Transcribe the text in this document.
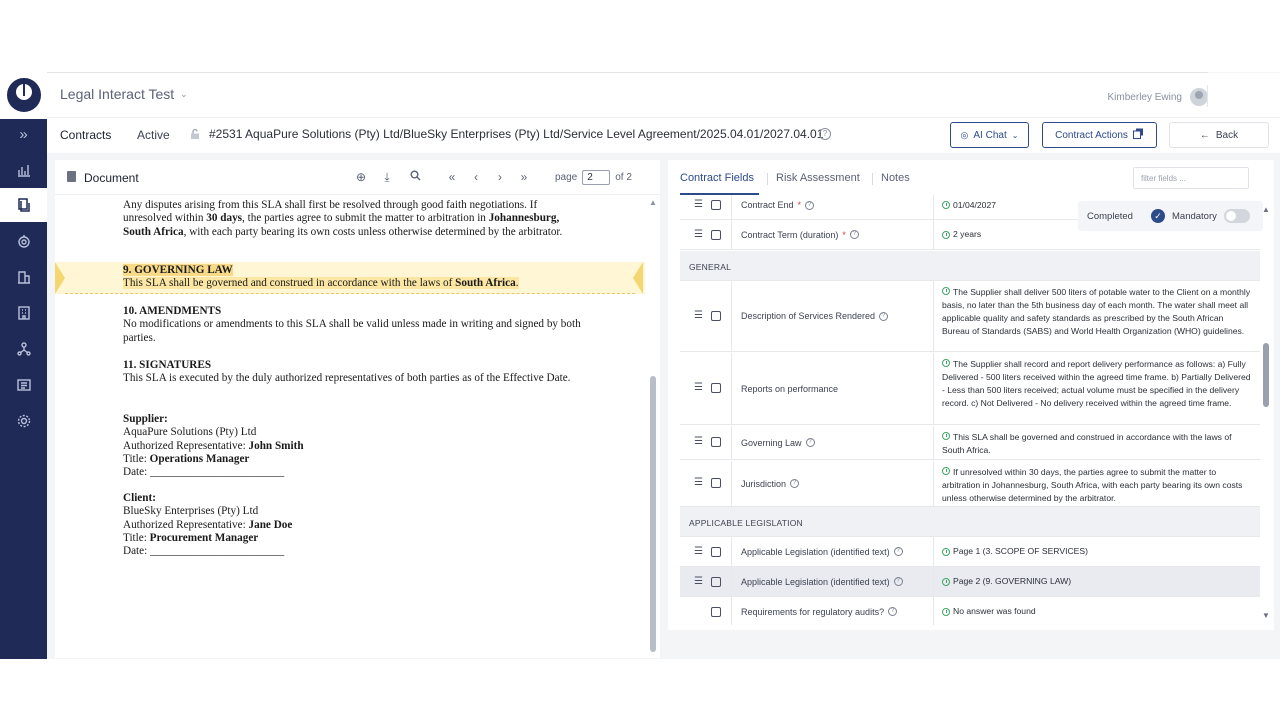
»
Legal Interact Test ⌄	Kimberley Ewing
Contracts Active	#2531 AquaPure Solutions (Pty) Ltd/BlueSky Enterprises (Pty) Ltd/Service Level Agreement/2025.04.01/2027.04.01 ?	◎ AI Chat ⌄	Contract Actions	← Back
Document	⊕	⤓	«	‹	›	»	page	2	of 2
Any disputes arising from this SLA shall first be resolved through good faith negotiations. If unresolved within 30 days, the parties agree to submit the matter to arbitration in Johannesburg, South Africa, with each party bearing its own costs unless otherwise determined by the arbitrator.
9. GOVERNING LAW
This SLA shall be governed and construed in accordance with the laws of South Africa.
10. AMENDMENTS
No modifications or amendments to this SLA shall be valid unless made in writing and signed by both parties.
11. SIGNATURES
This SLA is executed by the duly authorized representatives of both parties as of the Effective Date.
Supplier:
AquaPure Solutions (Pty) Ltd
Authorized Representative: John Smith
Title: Operations Manager
Date: ________________________
Client:
BlueSky Enterprises (Pty) Ltd
Authorized Representative: Jane Doe
Title: Procurement Manager
Date: ________________________
▲
Contract Fields Risk Assessment Notes	filter fields ...
☰	Contract End *	?	01/04/2027
☰	Contract Term (duration) *	?	2 years
GENERAL
☰	Description of Services Rendered	?
The Supplier shall deliver 500 liters of potable water to the Client on a monthly basis, no later than the 5th business day of each month. The water shall meet all applicable quality and safety standards as prescribed by the South African Bureau of Standards (SABS) and World Health Organization (WHO) guidelines.
☰	Reports on performance
The Supplier shall record and report delivery performance as follows: a) Fully Delivered - 500 liters received within the agreed time frame. b) Partially Delivered - Less than 500 liters received; actual volume must be specified in the delivery record. c) Not Delivered - No delivery received within the agreed time frame.
☰	Governing Law	?	This SLA shall be governed and construed in accordance with the laws of South Africa.
☰	Jurisdiction	?
If unresolved within 30 days, the parties agree to submit the matter to arbitration in Johannesburg, South Africa, with each party bearing its own costs unless otherwise determined by the arbitrator.
APPLICABLE LEGISLATION
☰	Applicable Legislation (identified text)	?	Page 1 (3. SCOPE OF SERVICES)
☰	Applicable Legislation (identified text)	?	Page 2 (9. GOVERNING LAW)
Requirements for regulatory audits?	?	No answer was found
Completed	✓	Mandatory
▲
▼
